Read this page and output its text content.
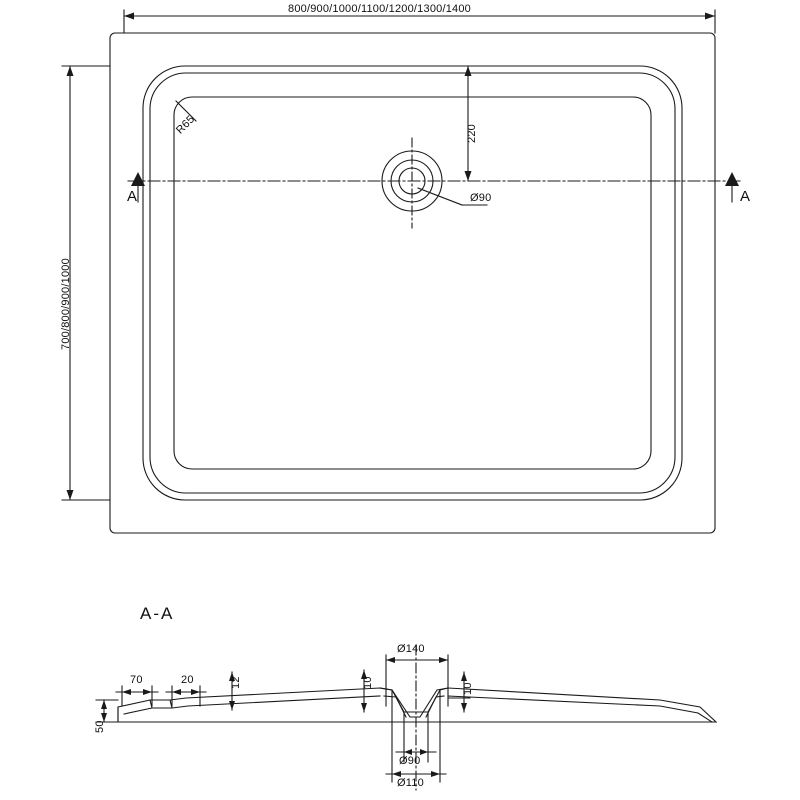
800/900/1000/1100/1200/1300/1400
700/800/900/1000
220
Ø90
R65
A	A
A-A
70	20	12	10	10
50
Ø140
Ø90
Ø110
